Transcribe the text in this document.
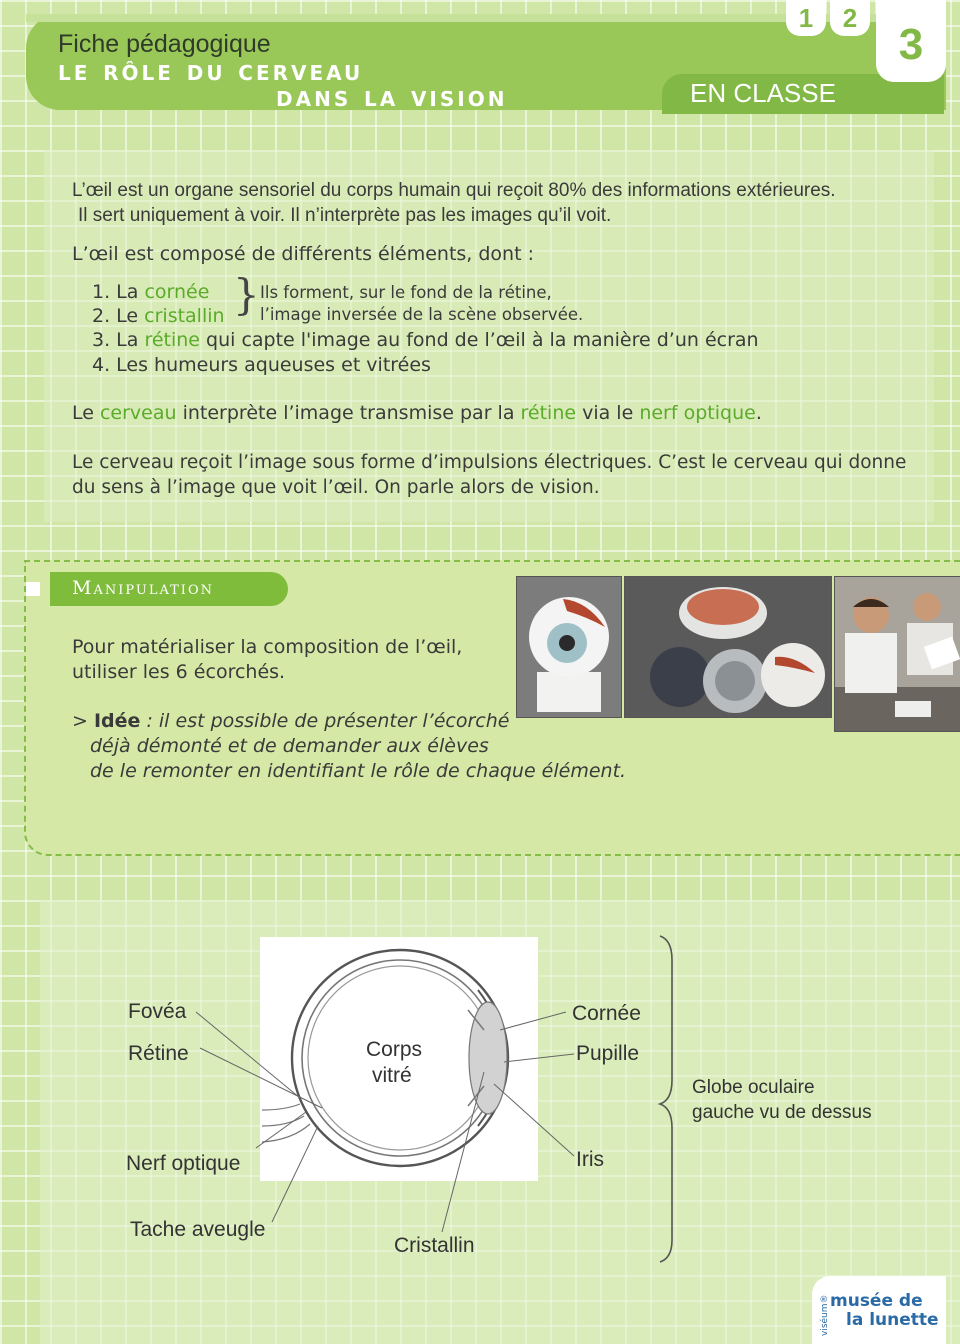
Fiche pédagogique
le rôle du cerveau
dans la vision	EN CLASSE
1	2
3
L’œil est un organe sensoriel du corps humain qui reçoit 80% des informations extérieures.
Il sert uniquement à voir. Il n’interprète pas les images qu’il voit.
L’œil est composé de différents éléments, dont :
1. La cornée
2. Le cristallin } Ils forment, sur le fond de la rétine,
l’image inversée de la scène observée.
3. La rétine qui capte l'image au fond de l’œil à la manière d’un écran
4. Les humeurs aqueuses et vitrées
Le cerveau interprète l’image transmise par la rétine via le nerf optique.
Le cerveau reçoit l’image sous forme d’impulsions électriques. C’est le cerveau qui donne
du sens à l’image que voit l’œil. On parle alors de vision.
Manipulation
Pour matérialiser la composition de l’œil,
utiliser les 6 écorchés.
> Idée : il est possible de présenter l’écorché
déjà démonté et de demander aux élèves
de le remonter en identifiant le rôle de chaque élément.
Fovéa
Rétine	Corps
vitré
Cornée
Pupille
Nerf optique	Iris
Tache aveugle
Cristallin
Globe oculaire
gauche vu de dessus
viséum® musée de
la lunette
